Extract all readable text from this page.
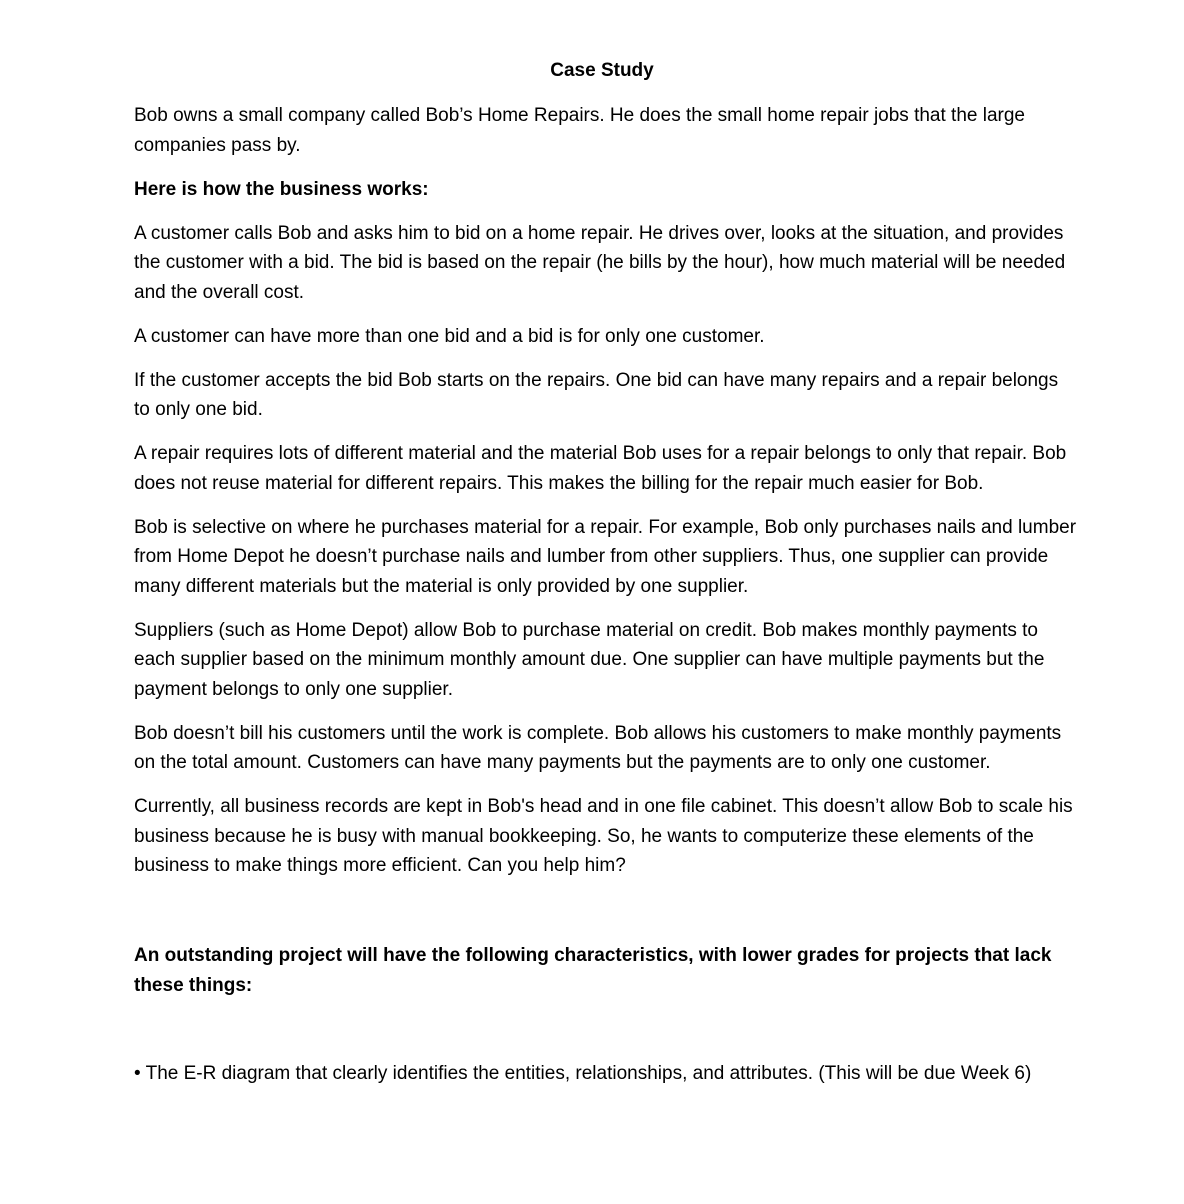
Case Study

Bob owns a small company called Bob’s Home Repairs. He does the small home repair jobs that the large companies pass by.

Here is how the business works:

A customer calls Bob and asks him to bid on a home repair. He drives over, looks at the situation, and provides the customer with a bid. The bid is based on the repair (he bills by the hour), how much material will be needed and the overall cost.

A customer can have more than one bid and a bid is for only one customer.

If the customer accepts the bid Bob starts on the repairs. One bid can have many repairs and a repair belongs to only one bid.

A repair requires lots of different material and the material Bob uses for a repair belongs to only that repair. Bob does not reuse material for different repairs. This makes the billing for the repair much easier for Bob.

Bob is selective on where he purchases material for a repair. For example, Bob only purchases nails and lumber from Home Depot he doesn’t purchase nails and lumber from other suppliers. Thus, one supplier can provide many different materials but the material is only provided by one supplier.

Suppliers (such as Home Depot) allow Bob to purchase material on credit. Bob makes monthly payments to each supplier based on the minimum monthly amount due. One supplier can have multiple payments but the payment belongs to only one supplier.

Bob doesn’t bill his customers until the work is complete. Bob allows his customers to make monthly payments on the total amount. Customers can have many payments but the payments are to only one customer.

Currently, all business records are kept in Bob's head and in one file cabinet. This doesn’t allow Bob to scale his business because he is busy with manual bookkeeping. So, he wants to computerize these elements of the business to make things more efficient. Can you help him?

An outstanding project will have the following characteristics, with lower grades for projects that lack these things:

• The E-R diagram that clearly identifies the entities, relationships, and attributes. (This will be due Week 6)
